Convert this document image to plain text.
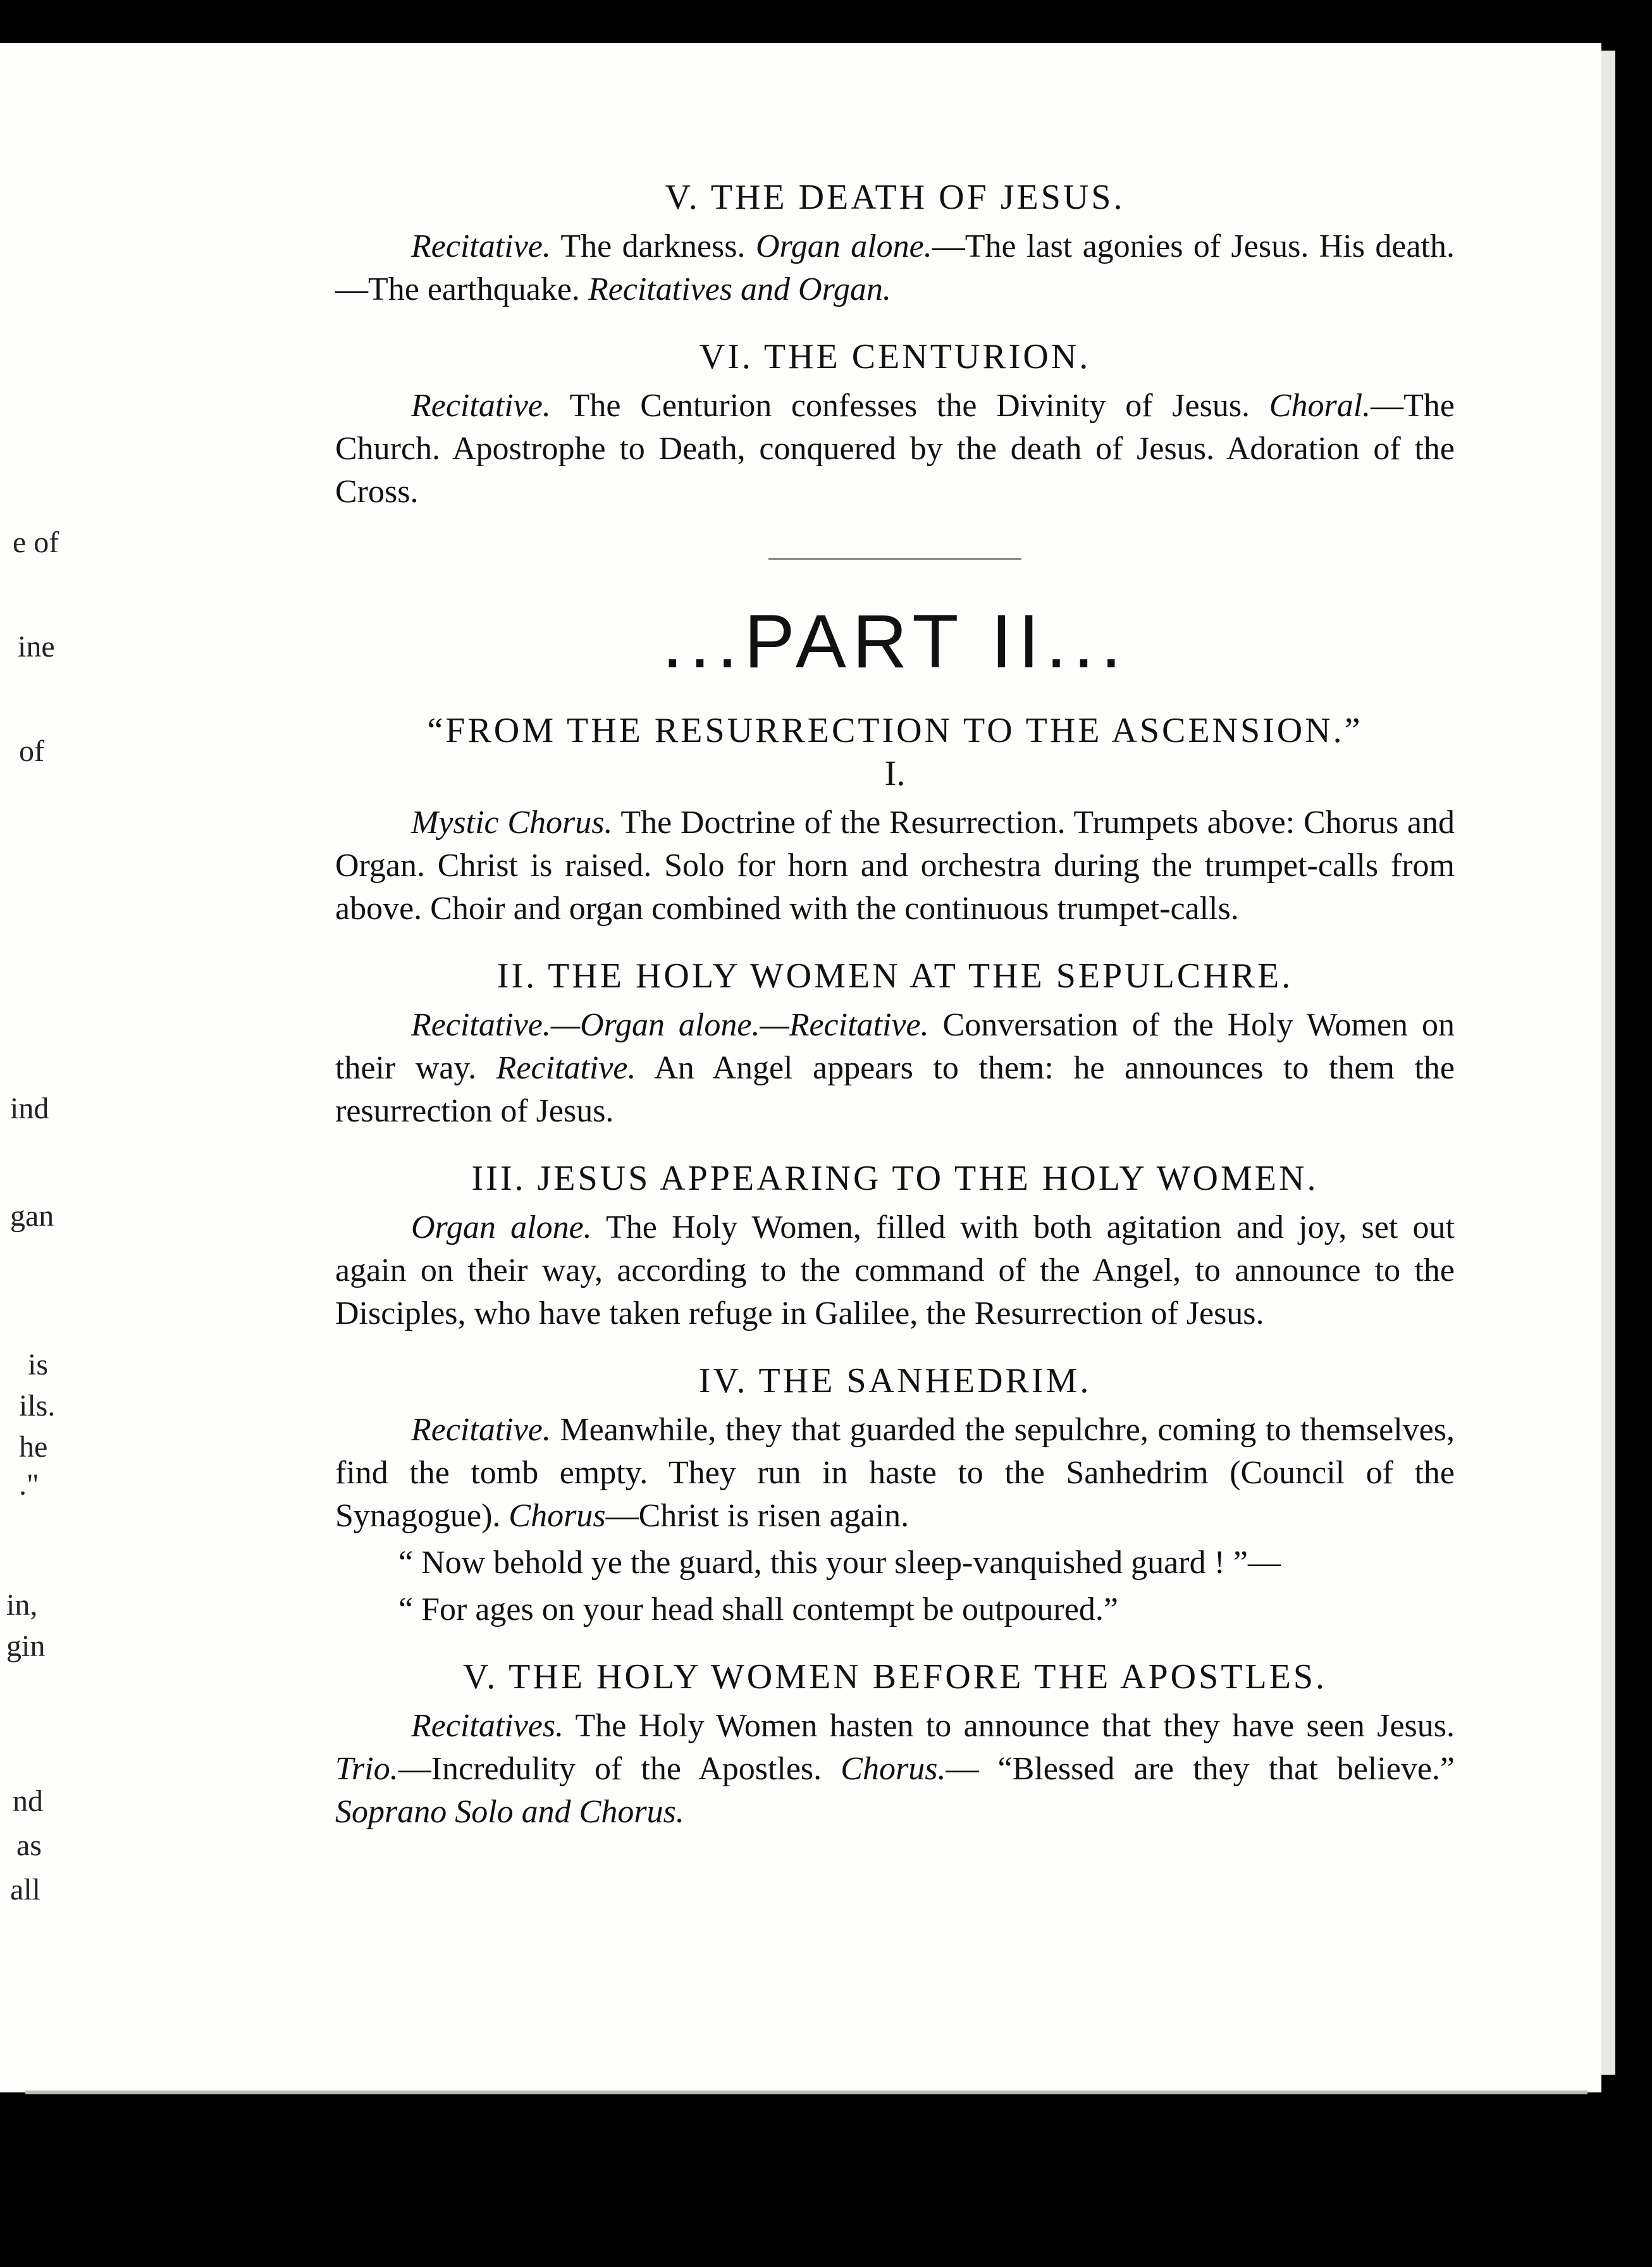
e of
ine
of
ind
gan
is
ils.
he
."
in,
gin
nd
as
all
V. THE DEATH OF JESUS.

Recitative. The darkness. Organ alone.—The last agonies of Jesus. His death.—The earthquake. Recitatives and Organ.

VI. THE CENTURION.

Recitative. The Centurion confesses the Divinity of Jesus. Choral.—The Church. Apostrophe to Death, conquered by the death of Jesus. Adoration of the Cross.

...PART II...
“FROM THE RESURRECTION TO THE ASCENSION.”
I.

Mystic Chorus. The Doctrine of the Resurrection. Trumpets above: Chorus and Organ. Christ is raised. Solo for horn and orchestra during the trumpet-calls from above. Choir and organ combined with the continuous trumpet-calls.

II. THE HOLY WOMEN AT THE SEPULCHRE.

Recitative.—Organ alone.—Recitative. Conversation of the Holy Women on their way. Recitative. An Angel appears to them: he announces to them the resurrection of Jesus.

III. JESUS APPEARING TO THE HOLY WOMEN.

Organ alone. The Holy Women, filled with both agitation and joy, set out again on their way, according to the command of the Angel, to announce to the Disciples, who have taken refuge in Galilee, the Resurrection of Jesus.

IV. THE SANHEDRIM.

Recitative. Meanwhile, they that guarded the sepulchre, coming to themselves, find the tomb empty. They run in haste to the Sanhedrim (Council of the Synagogue). Chorus—Christ is risen again.

“ Now behold ye the guard, this your sleep-vanquished guard ! ”—
“ For ages on your head shall contempt be outpoured.”
V. THE HOLY WOMEN BEFORE THE APOSTLES.

Recitatives. The Holy Women hasten to announce that they have seen Jesus. Trio.—Incredulity of the Apostles. Chorus.— “Blessed are they that believe.” Soprano Solo and Chorus.
